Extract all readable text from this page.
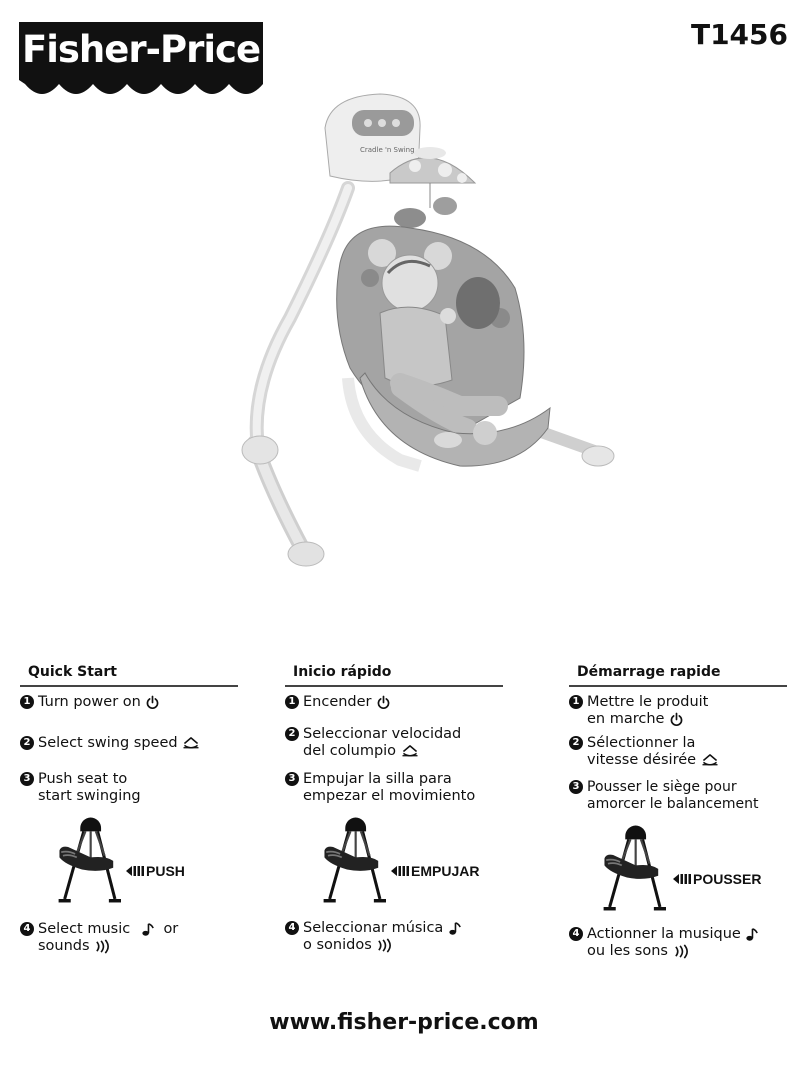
Fisher-Price	T1456
Cradle 'n Swing
Quick Start
1 Turn power on
2 Select swing speed
3 Push seat to
start swinging
PUSH
4 Select music or
sounds
Inicio rápido
1 Encender
2 Seleccionar velocidad
del columpio
3 Empujar la silla para
empezar el movimiento
EMPUJAR
4 Seleccionar música
o sonidos
Démarrage rapide
1 Mettre le produit
en marche
2 Sélectionner la
vitesse désirée
3 Pousser le siège pour
amorcer le balancement
POUSSER
4 Actionner la musique
ou les sons
www.fisher-price.com
